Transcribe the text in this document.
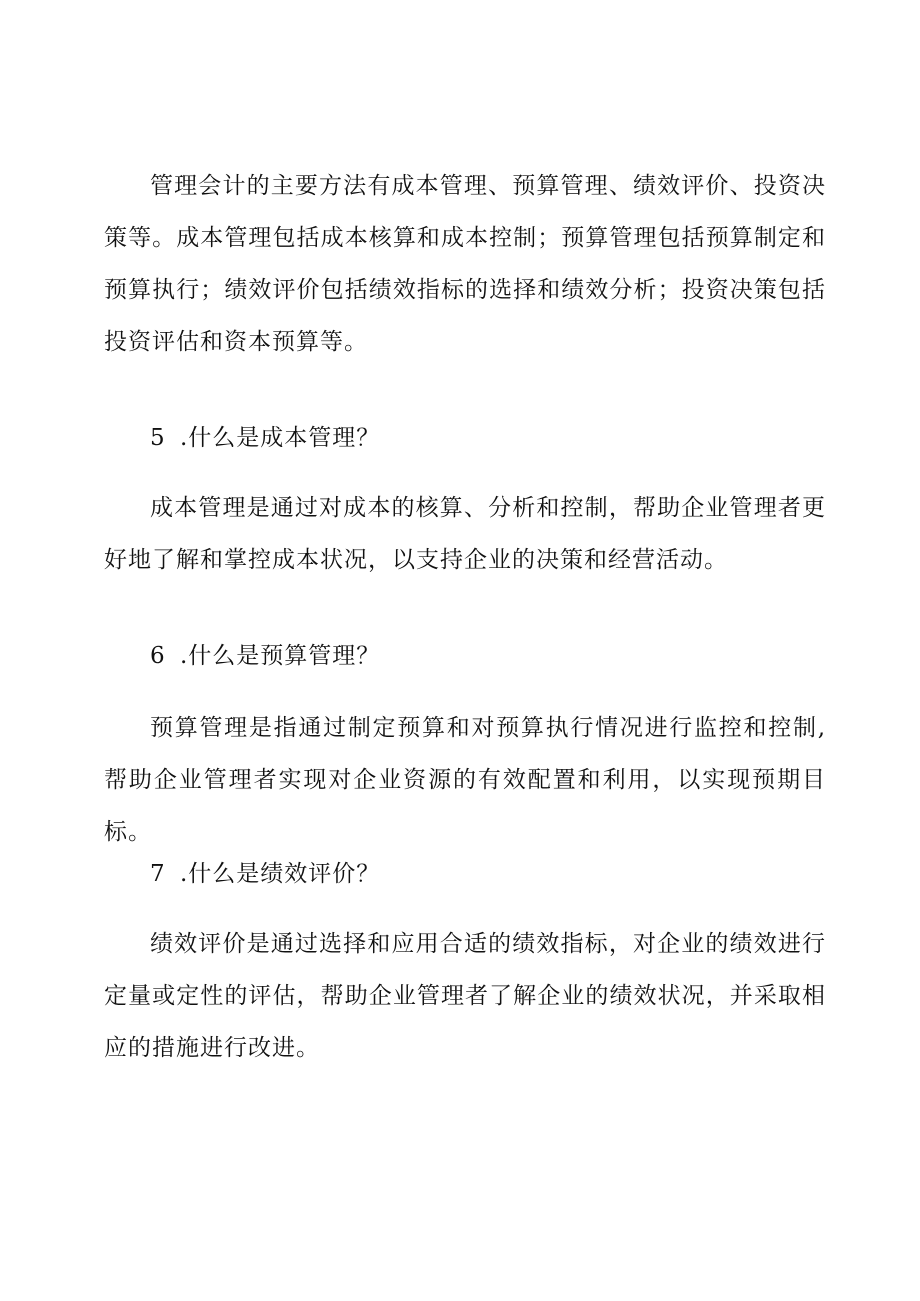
管理会计的主要方法有成本管理、预算管理、绩效评价、投资决策等。成本管理包括成本核算和成本控制；预算管理包括预算制定和预算执行；绩效评价包括绩效指标的选择和绩效分析；投资决策包括投资评估和资本预算等。

5 .什么是成本管理？

成本管理是通过对成本的核算、分析和控制，帮助企业管理者更好地了解和掌控成本状况，以支持企业的决策和经营活动。

6 .什么是预算管理？

预算管理是指通过制定预算和对预算执行情况进行监控和控制,帮助企业管理者实现对企业资源的有效配置和利用，以实现预期目标。

7 .什么是绩效评价？

绩效评价是通过选择和应用合适的绩效指标，对企业的绩效进行定量或定性的评估，帮助企业管理者了解企业的绩效状况，并采取相应的措施进行改进。
